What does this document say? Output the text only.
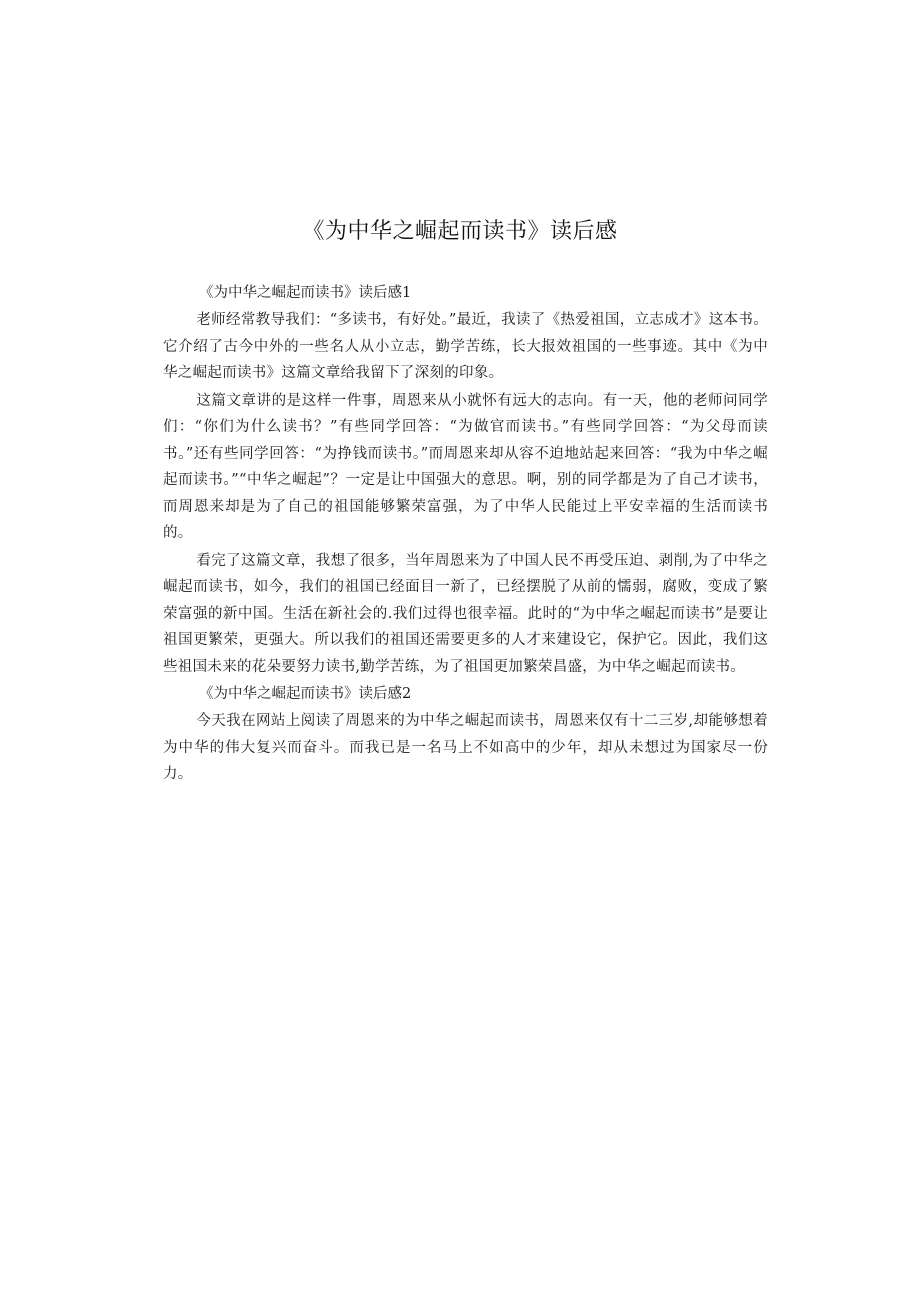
《为中华之崛起而读书》读后感
《为中华之崛起而读书》读后感1

老师经常教导我们：“多读书，有好处。”最近，我读了《热爱祖国，立志成才》这本书。它介绍了古今中外的一些名人从小立志，勤学苦练，长大报效祖国的一些事迹。其中《为中华之崛起而读书》这篇文章给我留下了深刻的印象。

这篇文章讲的是这样一件事，周恩来从小就怀有远大的志向。有一天，他的老师问同学们：“你们为什么读书？”有些同学回答：“为做官而读书。”有些同学回答：“为父母而读书。”还有些同学回答：“为挣钱而读书。”而周恩来却从容不迫地站起来回答：“我为中华之崛起而读书。”“中华之崛起”？一定是让中国强大的意思。啊，别的同学都是为了自己才读书，而周恩来却是为了自己的祖国能够繁荣富强，为了中华人民能过上平安幸福的生活而读书的。

看完了这篇文章，我想了很多，当年周恩来为了中国人民不再受压迫、剥削,为了中华之崛起而读书，如今，我们的祖国已经面目一新了，已经摆脱了从前的懦弱，腐败，变成了繁荣富强的新中国。生活在新社会的.我们过得也很幸福。此时的“为中华之崛起而读书”是要让祖国更繁荣，更强大。所以我们的祖国还需要更多的人才来建设它，保护它。因此，我们这些祖国未来的花朵要努力读书,勤学苦练，为了祖国更加繁荣昌盛，为中华之崛起而读书。

《为中华之崛起而读书》读后感2

今天我在网站上阅读了周恩来的为中华之崛起而读书，周恩来仅有十二三岁,却能够想着为中华的伟大复兴而奋斗。而我已是一名马上不如高中的少年，却从未想过为国家尽一份力。
